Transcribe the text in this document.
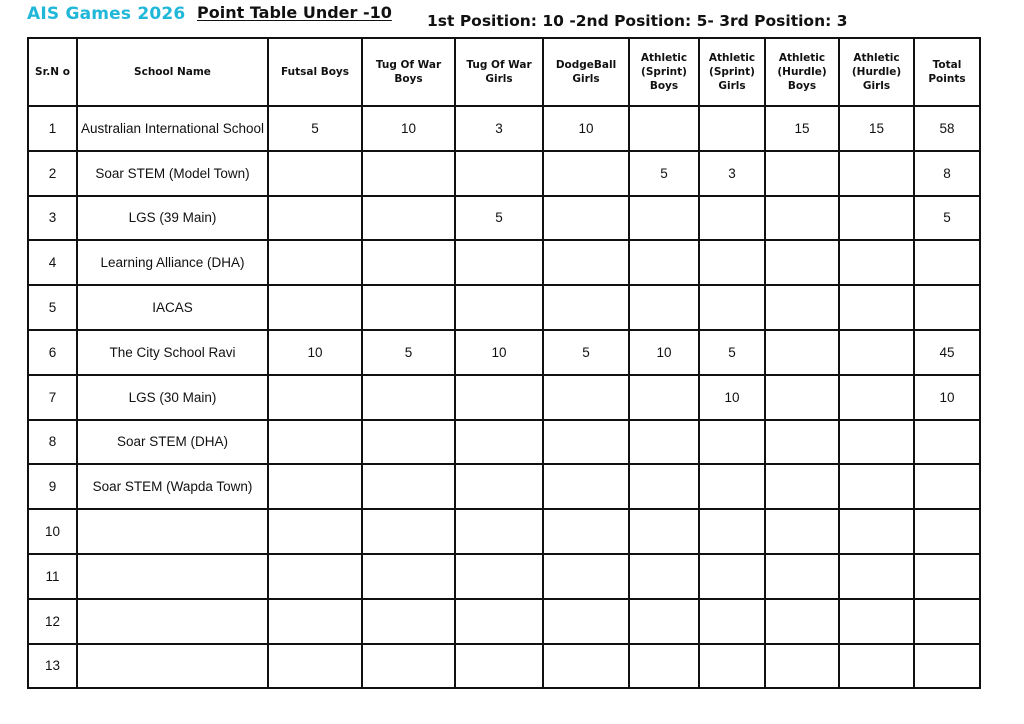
AIS Games 2026 Point Table Under -10 1st Position: 10 -2nd Position: 5- 3rd Position: 3
Sr.N o	School Name	Futsal Boys	Tug Of War Boys	Tug Of War Girls	DodgeBall Girls	Athletic (Sprint) Boys	Athletic (Sprint) Girls	Athletic (Hurdle) Boys	Athletic (Hurdle) Girls	Total Points
1	Australian International School	5	10	3	10			15	15	58
2	Soar STEM (Model Town)					5	3			8
3	LGS (39 Main)			5						5
4	Learning Alliance (DHA)									
5	IACAS									
6	The City School Ravi	10	5	10	5	10	5			45
7	LGS (30 Main)						10			10
8	Soar STEM (DHA)									
9	Soar STEM (Wapda Town)									
10										
11										
12										
13										
